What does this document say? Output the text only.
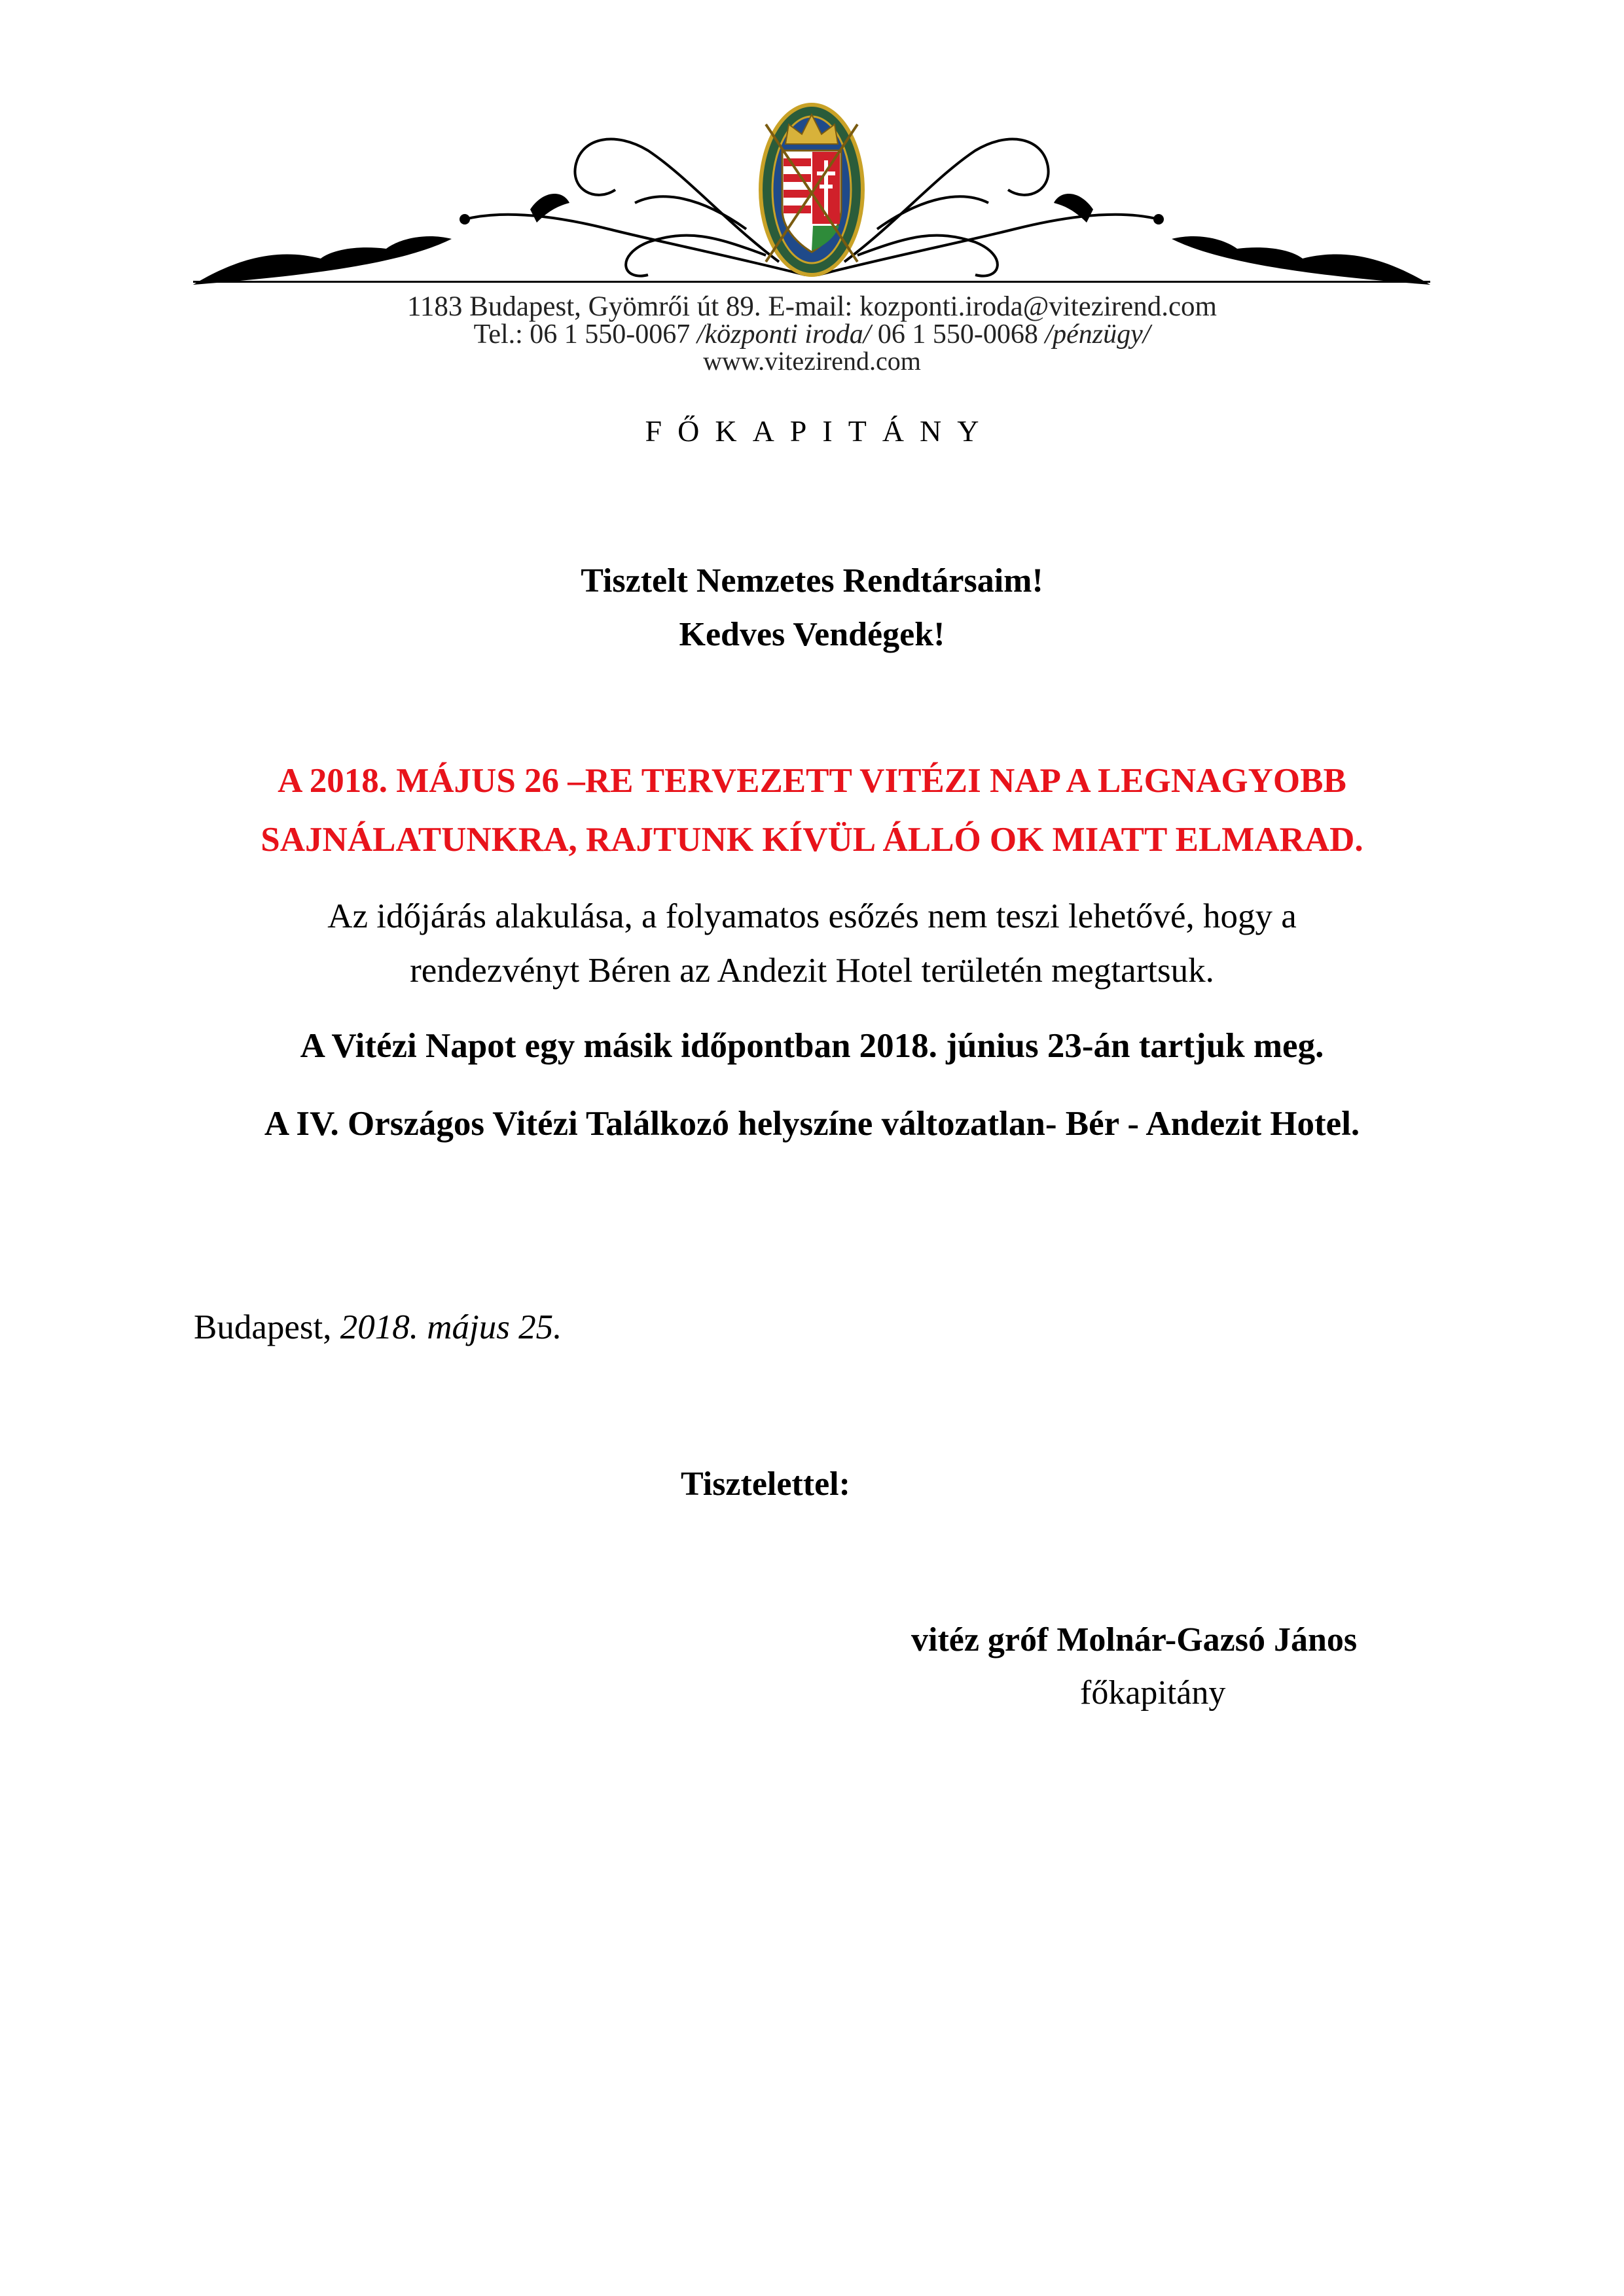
1183 Budapest, Gyömrői út 89. E-mail: kozponti.iroda@vitezirend.com
Tel.: 06 1 550-0067 /központi iroda/ 06 1 550-0068 /pénzügy/
www.vitezirend.com
FŐKAPITÁNY
Tisztelt Nemzetes Rendtársaim!
Kedves Vendégek!
A 2018. MÁJUS 26 –RE TERVEZETT VITÉZI NAP A LEGNAGYOBB
SAJNÁLATUNKRA, RAJTUNK KÍVÜL ÁLLÓ OK MIATT ELMARAD.
Az időjárás alakulása, a folyamatos esőzés nem teszi lehetővé, hogy a
rendezvényt Béren az Andezit Hotel területén megtartsuk.
A Vitézi Napot egy másik időpontban 2018. június 23-án tartjuk meg.
A IV. Országos Vitézi Találkozó helyszíne változatlan- Bér - Andezit Hotel.
Budapest, 2018. május 25.
Tisztelettel:
vitéz gróf Molnár-Gazsó János
főkapitány
